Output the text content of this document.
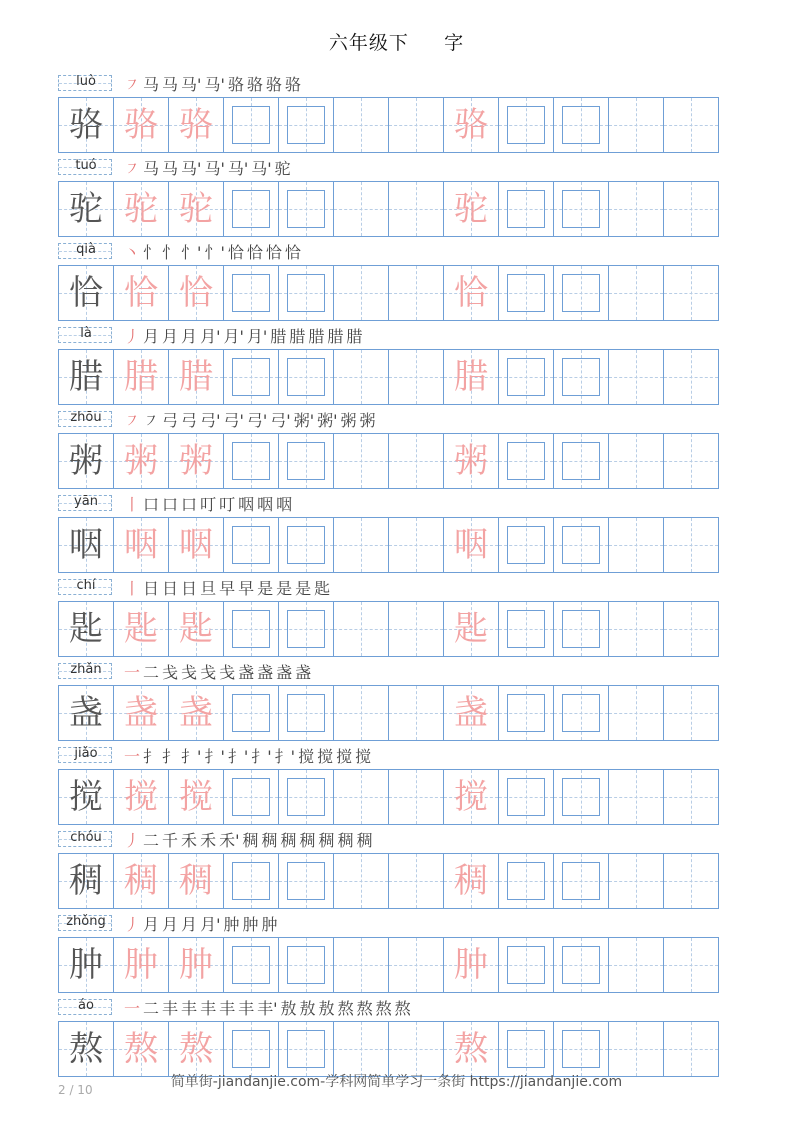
六年级下     字
luò	㇇ 马 马 马' 马' 骆 骆 骆 骆
骆 骆 骆	骆
tuó	㇇ 马 马 马' 马' 马' 马' 驼
驼 驼 驼	驼
qià	丶 忄 忄 忄' 忄' 恰 恰 恰 恰
恰 恰 恰	恰
là	丿 月 月 月 月' 月' 月' 腊 腊 腊 腊 腊
腊 腊 腊	腊
zhōu	㇇ ㇇ 弓 弓 弓' 弓' 弓' 弓' 粥' 粥' 粥 粥
粥 粥 粥	粥
yān	丨 口 口 口 叮 叮 咽 咽 咽
咽 咽 咽	咽
chí	丨 日 日 日 旦 早 早 是 是 是 匙
匙 匙 匙	匙
zhǎn	一 二 戋 戋 戋 戋 盏 盏 盏 盏
盏 盏 盏	盏
jiǎo	一 扌 扌 扌' 扌' 扌' 扌' 扌' 搅 搅 搅 搅
搅 搅 搅	搅
chóu	丿 二 千 禾 禾 禾' 稠 稠 稠 稠 稠 稠 稠
稠 稠 稠	稠
zhǒng	丿 月 月 月 月' 肿 肿 肿
肿 肿 肿	肿
áo	一 二 丰 丰 丰 丰 丰 丰' 敖 敖 敖 熬 熬 熬 熬
熬 熬 熬	熬
简单街-jiandanjie.com-学科网简单学习一条街 https://jiandanjie.com
2 / 10
